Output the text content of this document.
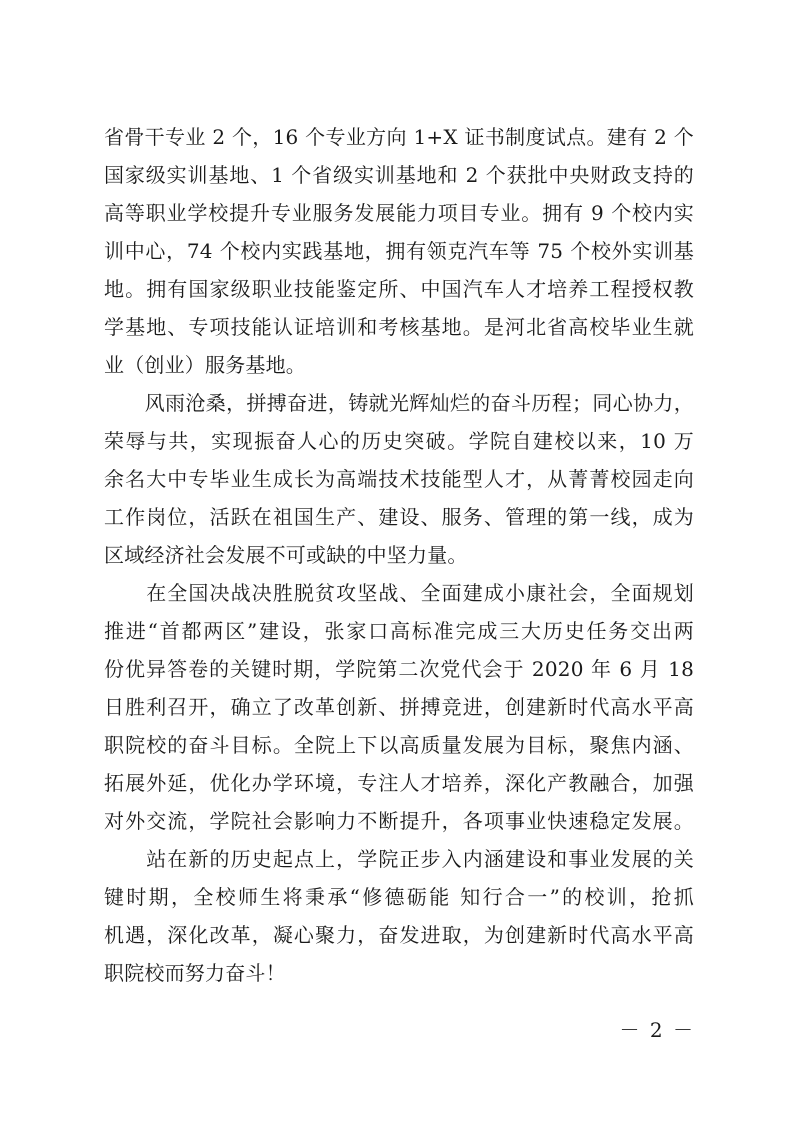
省骨干专业 2 个，16 个专业方向 1+X 证书制度试点。建有 2 个
国家级实训基地、1 个省级实训基地和 2 个获批中央财政支持的
高等职业学校提升专业服务发展能力项目专业。拥有 9 个校内实
训中心，74 个校内实践基地，拥有领克汽车等 75 个校外实训基
地。拥有国家级职业技能鉴定所、中国汽车人才培养工程授权教
学基地、专项技能认证培训和考核基地。是河北省高校毕业生就
业（创业）服务基地。
　　风雨沧桑，拼搏奋进，铸就光辉灿烂的奋斗历程；同心协力，
荣辱与共，实现振奋人心的历史突破。学院自建校以来，10 万
余名大中专毕业生成长为高端技术技能型人才，从菁菁校园走向
工作岗位，活跃在祖国生产、建设、服务、管理的第一线，成为
区域经济社会发展不可或缺的中坚力量。
　　在全国决战决胜脱贫攻坚战、全面建成小康社会，全面规划
推进“首都两区”建设，张家口高标准完成三大历史任务交出两
份优异答卷的关键时期，学院第二次党代会于 2020 年 6 月 18
日胜利召开，确立了改革创新、拼搏竞进，创建新时代高水平高
职院校的奋斗目标。全院上下以高质量发展为目标，聚焦内涵、
拓展外延，优化办学环境，专注人才培养，深化产教融合，加强
对外交流，学院社会影响力不断提升，各项事业快速稳定发展。
　　站在新的历史起点上，学院正步入内涵建设和事业发展的关
键时期，全校师生将秉承“修德砺能 知行合一”的校训，抢抓
机遇，深化改革，凝心聚力，奋发进取，为创建新时代高水平高
职院校而努力奋斗！
－ 2 －
